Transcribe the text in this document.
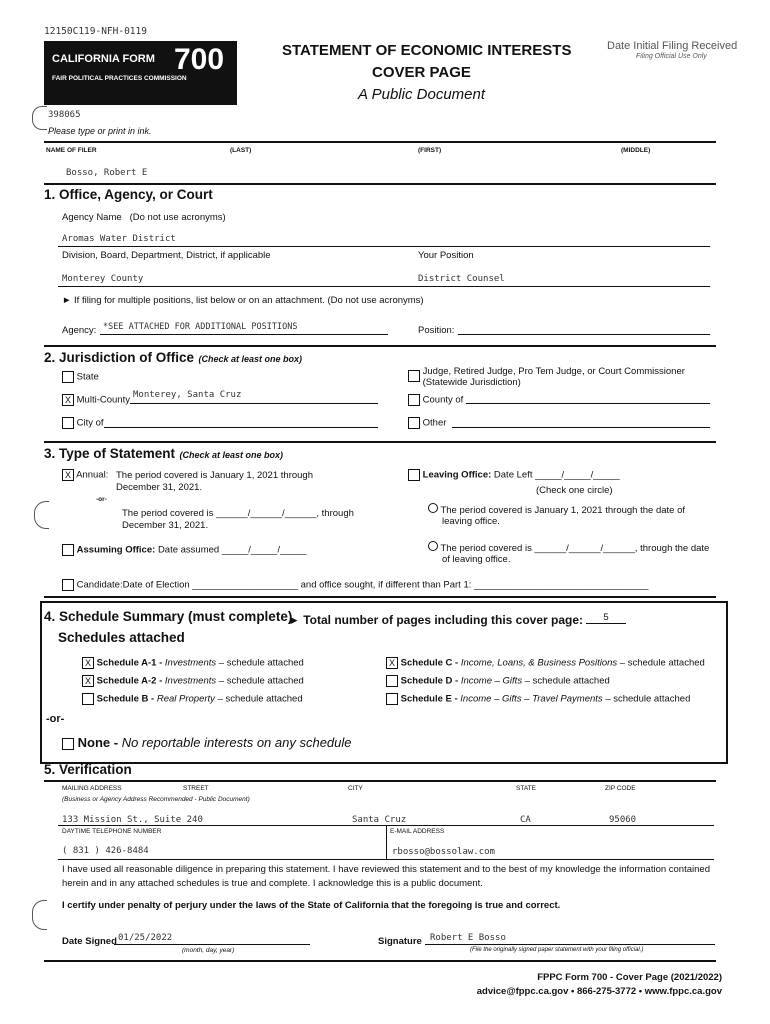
12150C119-NFH-0119
CALIFORNIA FORM 700
FAIR POLITICAL PRACTICES COMMISSION
STATEMENT OF ECONOMIC INTERESTS
COVER PAGE
A Public Document
Date Initial Filing Received
Filing Official Use Only
398065
Please type or print in ink.
NAME OF FILER	(LAST)	(FIRST)	(MIDDLE)
Bosso, Robert E
1. Office, Agency, or Court
Agency Name (Do not use acronyms)
Aromas Water District
Division, Board, Department, District, if applicable	Your Position
Monterey County	District Counsel
► If filing for multiple positions, list below or on an attachment. (Do not use acronyms)
Agency: *SEE ATTACHED FOR ADDITIONAL POSITIONS	Position:
2. Jurisdiction of Office (Check at least one box)
State
Judge, Retired Judge, Pro Tem Judge, or Court Commissioner
(Statewide Jurisdiction)
X Multi-County Monterey, Santa Cruz	County of
City of	Other
3. Type of Statement (Check at least one box)
X Annual: The period covered is January 1, 2021 through
December 31, 2021.
-or-
The period covered is ______/______/______, through
December 31, 2021.
Leaving Office: Date Left _____/_____/_____
(Check one circle)
The period covered is January 1, 2021 through the date of
leaving office.
The period covered is ______/______/______, through the date
of leaving office.
Assuming Office: Date assumed _____/_____/_____
Candidate:Date of Election ____________________ and office sought, if different than Part 1: _________________________________
4. Schedule Summary (must complete)
► Total number of pages including this cover page:	5
Schedules attached
X Schedule A-1 - Investments – schedule attached
X Schedule A-2 - Investments – schedule attached
Schedule B - Real Property – schedule attached
X Schedule C - Income, Loans, & Business Positions – schedule attached
Schedule D - Income – Gifts – schedule attached
Schedule E - Income – Gifts – Travel Payments – schedule attached
-or-
None - No reportable interests on any schedule
5. Verification
MAILING ADDRESS	STREET	CITY	STATE	ZIP CODE
(Business or Agency Address Recommended - Public Document)
133 Mission St., Suite 240	Santa Cruz	CA	95060
DAYTIME TELEPHONE NUMBER	E-MAIL ADDRESS
( 831 ) 426-8484	rbosso@bossolaw.com
I have used all reasonable diligence in preparing this statement. I have reviewed this statement and to the best of my knowledge the information contained
herein and in any attached schedules is true and complete. I acknowledge this is a public document.
I certify under penalty of perjury under the laws of the State of California that the foregoing is true and correct.
Date Signed 01/25/2022
(month, day, year)
Signature Robert E Bosso
(File the originally signed paper statement with your filing official.)
FPPC Form 700 - Cover Page (2021/2022)
advice@fppc.ca.gov • 866-275-3772 • www.fppc.ca.gov
